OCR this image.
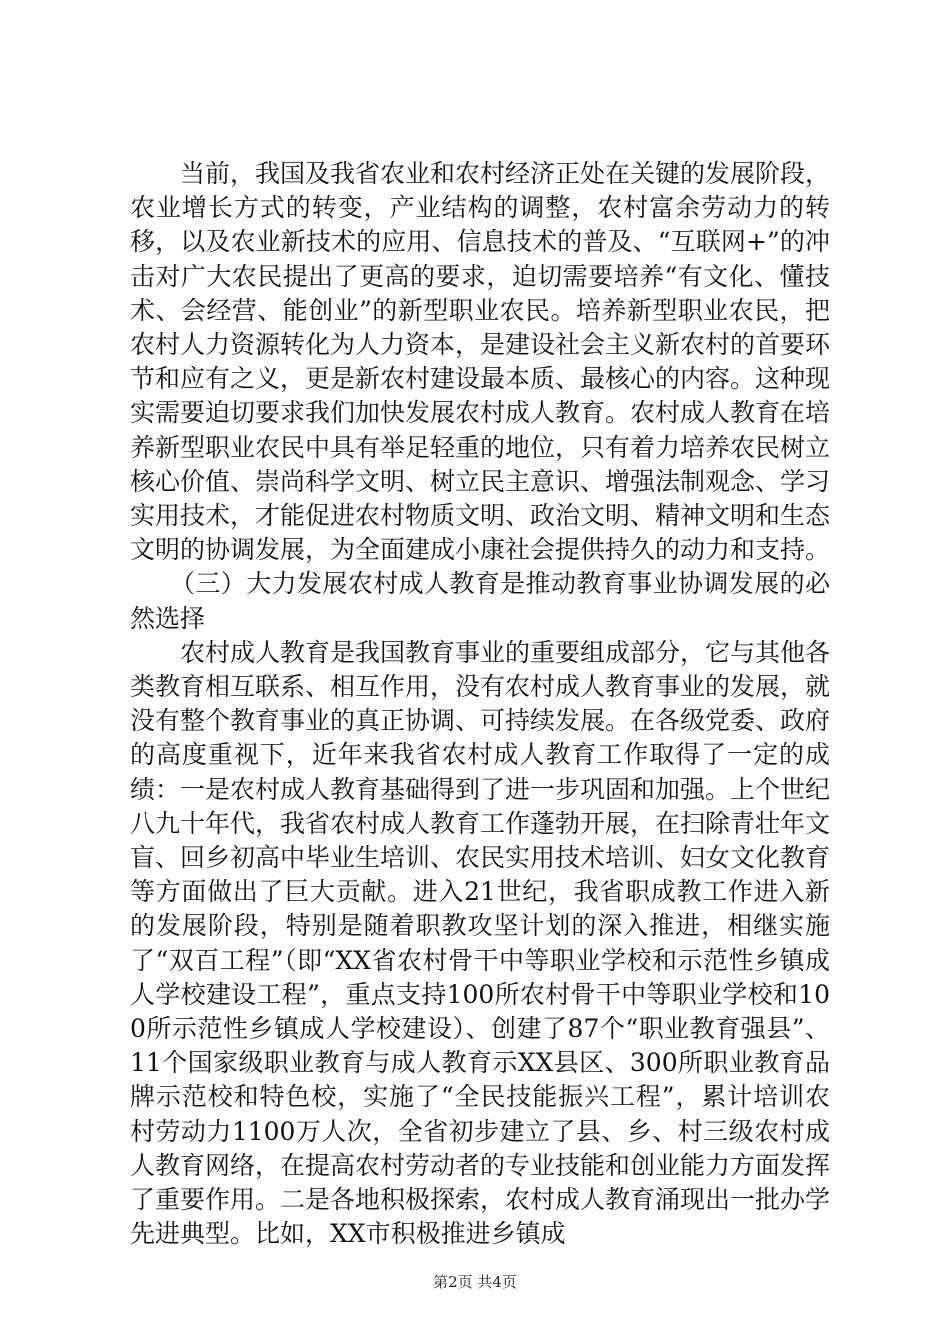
当前，我国及我省农业和农村经济正处在关键的发展阶段，农业增长方式的转变，产业结构的调整，农村富余劳动力的转移，以及农业新技术的应用、信息技术的普及、“互联网+”的冲击对广大农民提出了更高的要求，迫切需要培养“有文化、懂技术、会经营、能创业”的新型职业农民。培养新型职业农民，把农村人力资源转化为人力资本，是建设社会主义新农村的首要环节和应有之义，更是新农村建设最本质、最核心的内容。这种现实需要迫切要求我们加快发展农村成人教育。农村成人教育在培养新型职业农民中具有举足轻重的地位，只有着力培养农民树立核心价值、崇尚科学文明、树立民主意识、增强法制观念、学习实用技术，才能促进农村物质文明、政治文明、精神文明和生态文明的协调发展，为全面建成小康社会提供持久的动力和支持。

（三）大力发展农村成人教育是推动教育事业协调发展的必然选择

农村成人教育是我国教育事业的重要组成部分，它与其他各类教育相互联系、相互作用，没有农村成人教育事业的发展，就没有整个教育事业的真正协调、可持续发展。在各级党委、政府的高度重视下，近年来我省农村成人教育工作取得了一定的成绩：一是农村成人教育基础得到了进一步巩固和加强。上个世纪八九十年代，我省农村成人教育工作蓬勃开展，在扫除青壮年文盲、回乡初高中毕业生培训、农民实用技术培训、妇女文化教育等方面做出了巨大贡献。进入21世纪，我省职成教工作进入新的发展阶段，特别是随着职教攻坚计划的深入推进，相继实施了“双百工程”（即“XX省农村骨干中等职业学校和示范性乡镇成人学校建设工程”，重点支持100所农村骨干中等职业学校和100所示范性乡镇成人学校建设）、创建了87个“职业教育强县”、11个国家级职业教育与成人教育示XX县区、300所职业教育品牌示范校和特色校，实施了“全民技能振兴工程”，累计培训农村劳动力1100万人次，全省初步建立了县、乡、村三级农村成人教育网络，在提高农村劳动者的专业技能和创业能力方面发挥了重要作用。二是各地积极探索，农村成人教育涌现出一批办学先进典型。比如，XX市积极推进乡镇成

第2页 共4页
